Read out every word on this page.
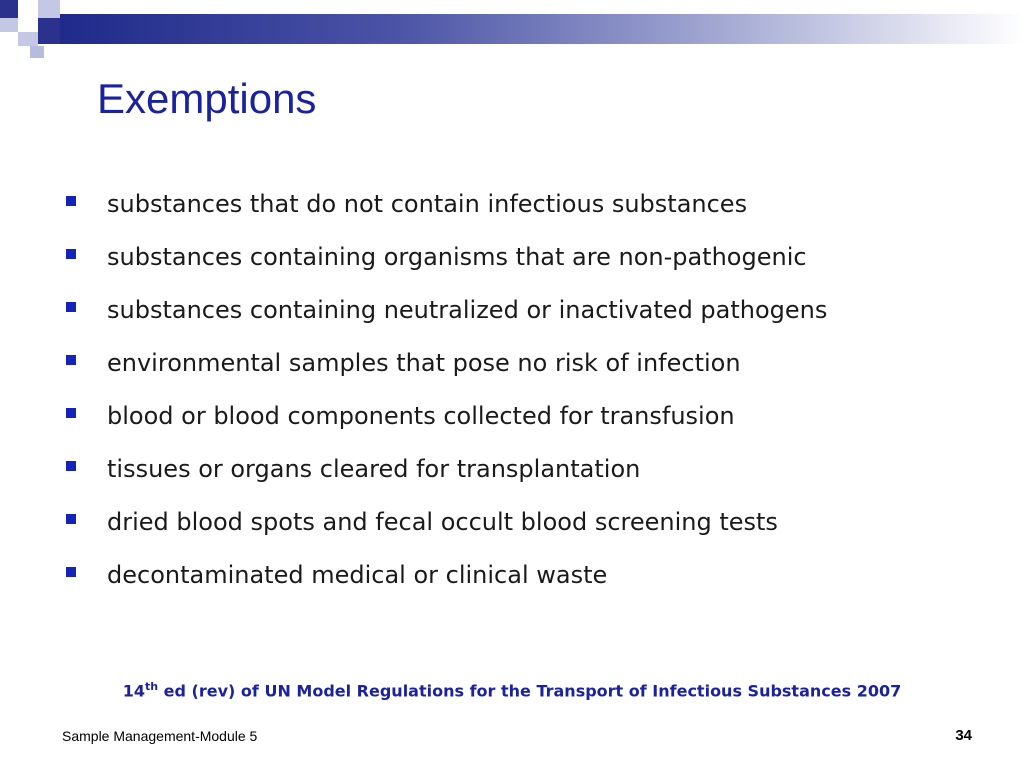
Exemptions
substances that do not contain infectious substances
substances containing organisms that are non-pathogenic
substances containing neutralized or inactivated pathogens
environmental samples that pose no risk of infection
blood or blood components collected for transfusion
tissues or organs cleared for transplantation
dried blood spots and fecal occult blood screening tests
decontaminated medical or clinical waste
14th ed (rev) of UN Model Regulations for the Transport of Infectious Substances 2007
Sample Management-Module 5	34
